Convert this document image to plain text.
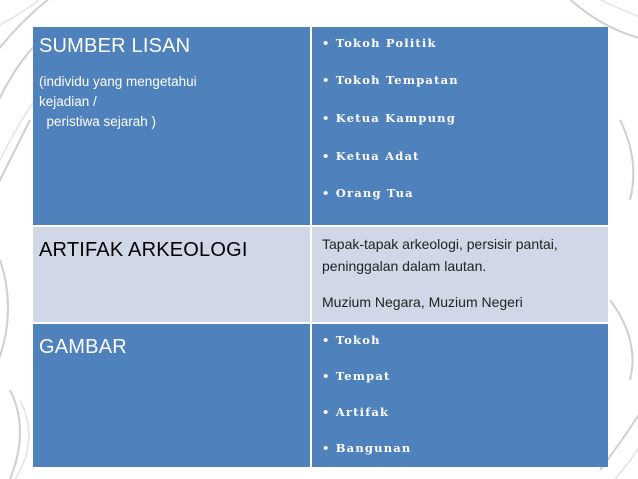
SUMBER LISAN
(individu yang mengetahui
kejadian /
peristiwa sejarah )
• Tokoh Politik
• Tokoh Tempatan
• Ketua Kampung
• Ketua Adat
• Orang Tua
ARTIFAK ARKEOLOGI	Tapak-tapak arkeologi, persisir pantai,
peninggalan dalam lautan.
Muzium Negara, Muzium Negeri
GAMBAR	• Tokoh
• Tempat
• Artifak
• Bangunan
